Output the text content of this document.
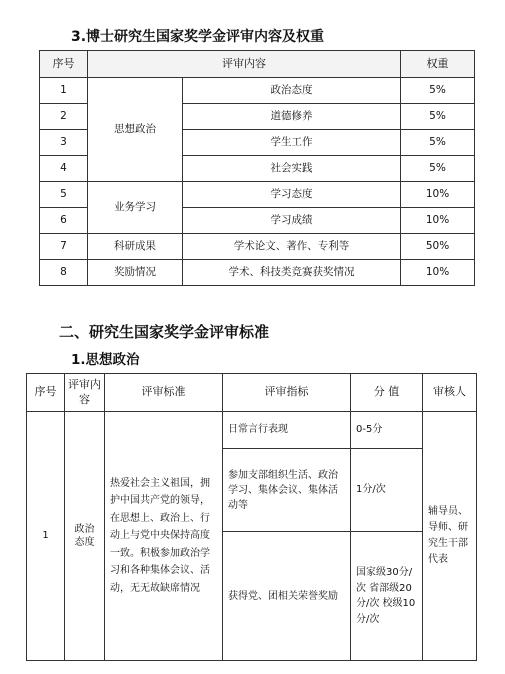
3.博士研究生国家奖学金评审内容及权重
序号	评审内容		权重
1	思想政治	政治态度	5%
2		道德修养	5%
3		学生工作	5%
4		社会实践	5%
5	业务学习	学习态度	10%
6		学习成绩	10%
7	科研成果	学术论文、著作、专利等	50%
8	奖励情况	学术、科技类竞赛获奖情况	10%
二、研究生国家奖学金评审标准
1.思想政治
序号	评审内容	评审标准	评审指标	分 值	审核人
1	政治态度	热爱社会主义祖国，拥护中国共产党的领导，在思想上、政治上、行动上与党中央保持高度一致。积极参加政治学习和各种集体会议、活动，无无故缺席情况	日常言行表现	0-5分	辅导员、导师、研究生干部代表
			参加支部组织生活、政治学习、集体会议、集体活动等	1分/次	
			获得党、团相关荣誉奖励	国家级30分/次 省部级20分/次 校级10分/次	
